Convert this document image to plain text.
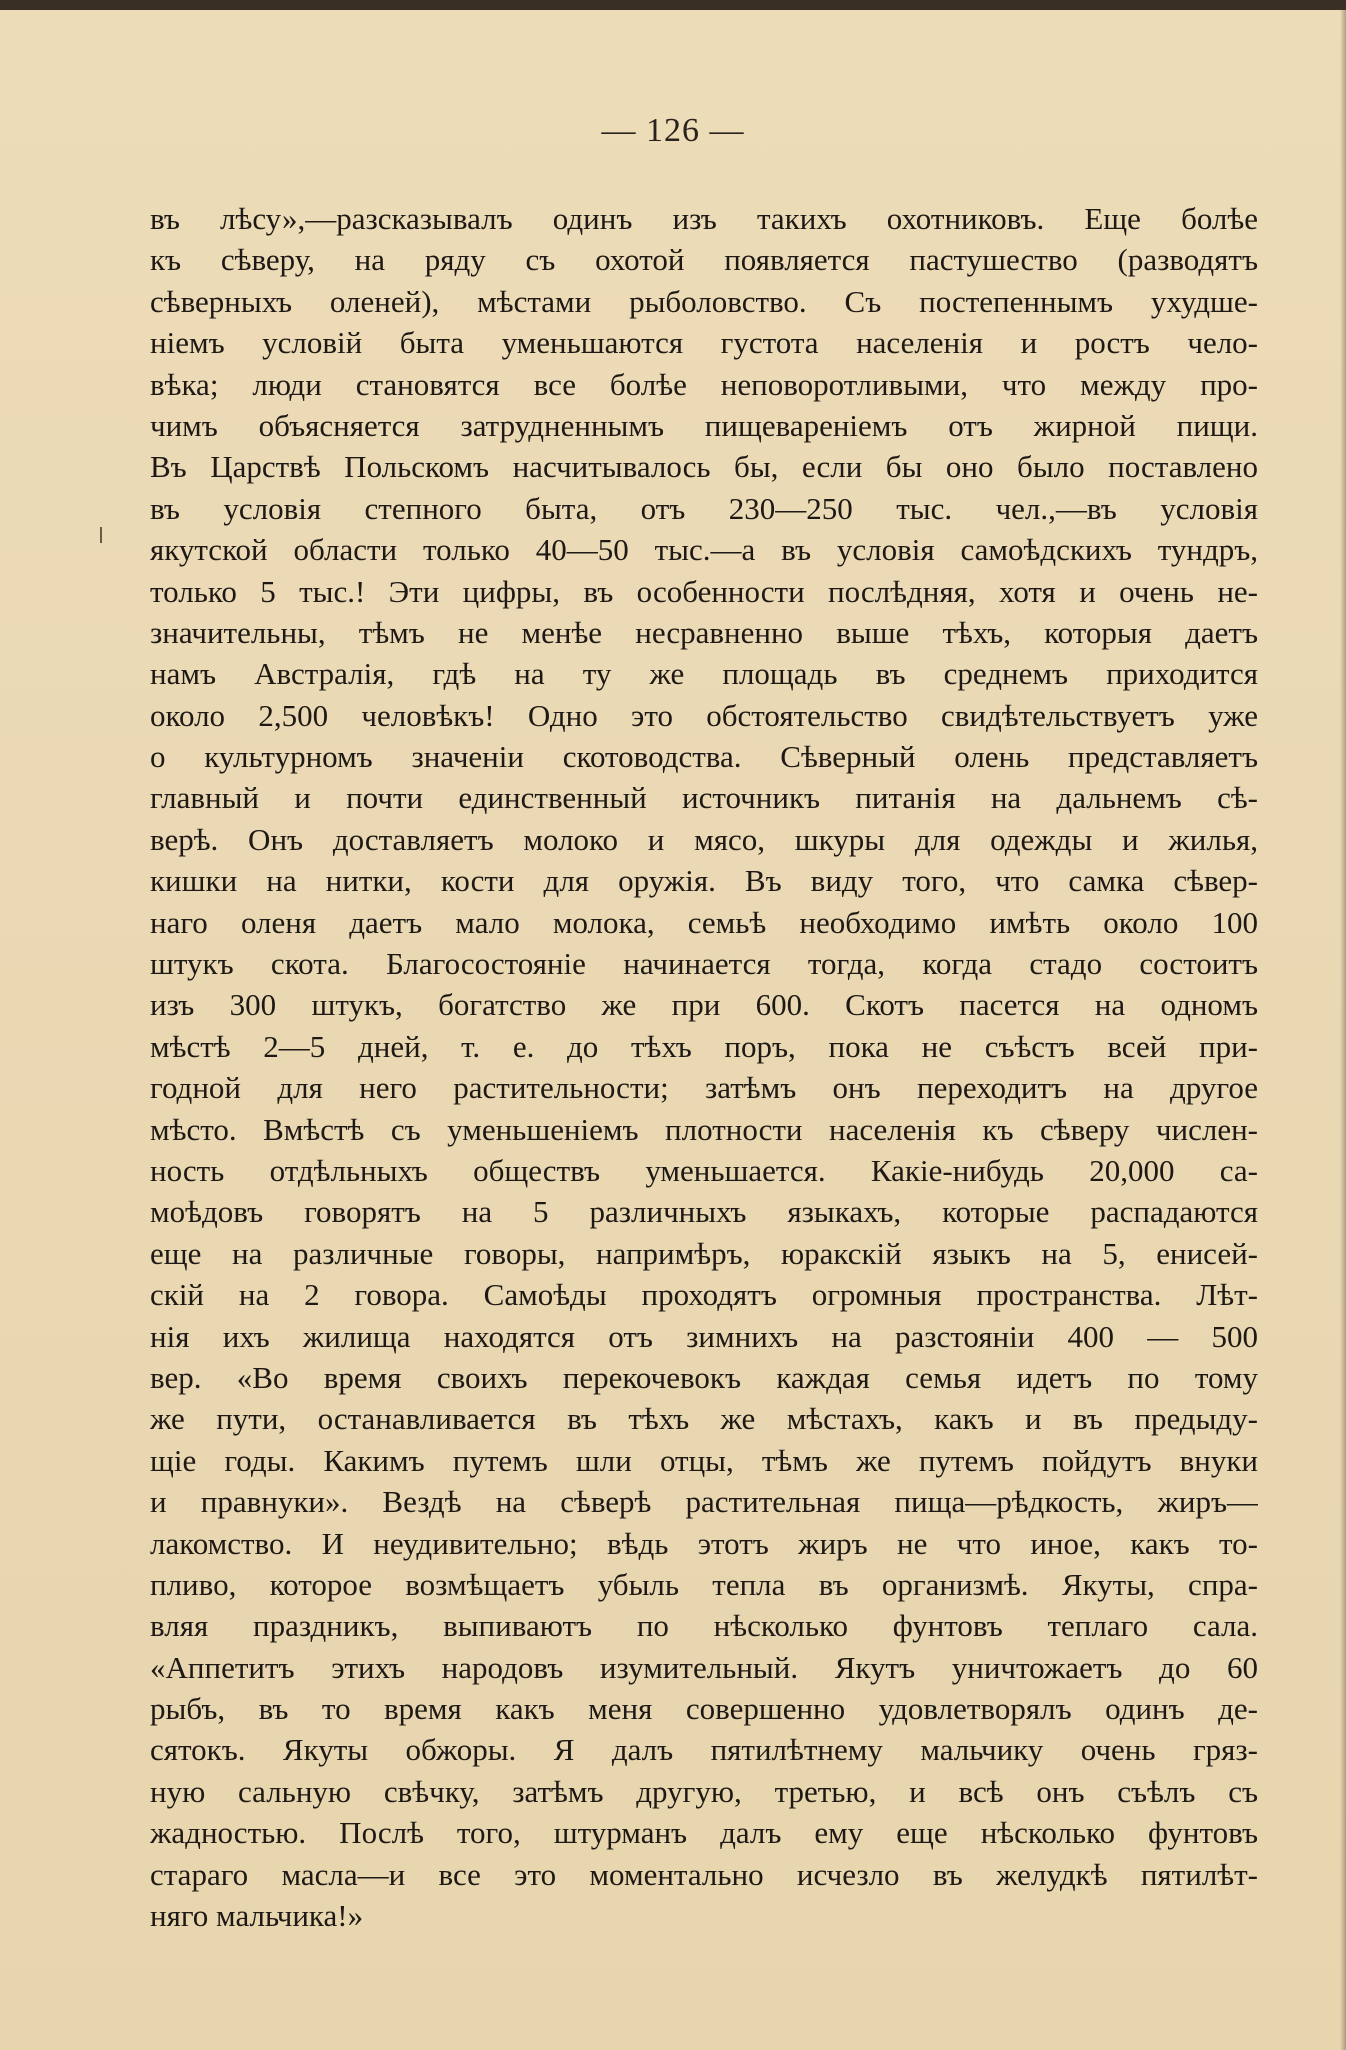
— 126 —
въ лѣсу»,—разсказывалъ одинъ изъ такихъ охотниковъ. Еще болѣе
къ сѣверу, на ряду съ охотой появляется пастушество (разводятъ
сѣверныхъ оленей), мѣстами рыболовство. Съ постепеннымъ ухудше-
ніемъ условій быта уменьшаются густота населенія и ростъ чело-
вѣка; люди становятся все болѣе неповоротливыми, что между про-
чимъ объясняется затрудненнымъ пищевареніемъ отъ жирной пищи.
Въ Царствѣ Польскомъ насчитывалось бы, если бы оно было поставлено
въ условія степного быта, отъ 230—250 тыс. чел.,—въ условія
якутской области только 40—50 тыс.—а въ условія самоѣдскихъ тундръ,
только 5 тыс.! Эти цифры, въ особенности послѣдняя, хотя и очень не-
значительны, тѣмъ не менѣе несравненно выше тѣхъ, которыя даетъ
намъ Австралія, гдѣ на ту же площадь въ среднемъ приходится
около 2,500 человѣкъ! Одно это обстоятельство свидѣтельствуетъ уже
о культурномъ значеніи скотоводства. Сѣверный олень представляетъ
главный и почти единственный источникъ питанія на дальнемъ сѣ-
верѣ. Онъ доставляетъ молоко и мясо, шкуры для одежды и жилья,
кишки на нитки, кости для оружія. Въ виду того, что самка сѣвер-
наго оленя даетъ мало молока, семьѣ необходимо имѣть около 100
штукъ скота. Благосостояніе начинается тогда, когда стадо состоитъ
изъ 300 штукъ, богатство же при 600. Скотъ пасется на одномъ
мѣстѣ 2—5 дней, т. е. до тѣхъ поръ, пока не съѣстъ всей при-
годной для него растительности; затѣмъ онъ переходитъ на другое
мѣсто. Вмѣстѣ съ уменьшеніемъ плотности населенія къ сѣверу числен-
ность отдѣльныхъ обществъ уменьшается. Какіе-нибудь 20,000 са-
моѣдовъ говорятъ на 5 различныхъ языкахъ, которые распадаются
еще на различные говоры, напримѣръ, юракскій языкъ на 5, енисей-
скій на 2 говора. Самоѣды проходятъ огромныя пространства. Лѣт-
нія ихъ жилища находятся отъ зимнихъ на разстояніи 400 — 500
вер. «Во время своихъ перекочевокъ каждая семья идетъ по тому
же пути, останавливается въ тѣхъ же мѣстахъ, какъ и въ предыду-
щіе годы. Какимъ путемъ шли отцы, тѣмъ же путемъ пойдутъ внуки
и правнуки». Вездѣ на сѣверѣ растительная пища—рѣдкость, жиръ—
лакомство. И неудивительно; вѣдь этотъ жиръ не что иное, какъ то-
пливо, которое возмѣщаетъ убыль тепла въ организмѣ. Якуты, спра-
вляя праздникъ, выпиваютъ по нѣсколько фунтовъ теплаго сала.
«Аппетитъ этихъ народовъ изумительный. Якутъ уничтожаетъ до 60
рыбъ, въ то время какъ меня совершенно удовлетворялъ одинъ де-
сятокъ. Якуты обжоры. Я далъ пятилѣтнему мальчику очень гряз-
ную сальную свѣчку, затѣмъ другую, третью, и всѣ онъ съѣлъ съ
жадностью. Послѣ того, штурманъ далъ ему еще нѣсколько фунтовъ
стараго масла—и все это моментально исчезло въ желудкѣ пятилѣт-
няго мальчика!»
